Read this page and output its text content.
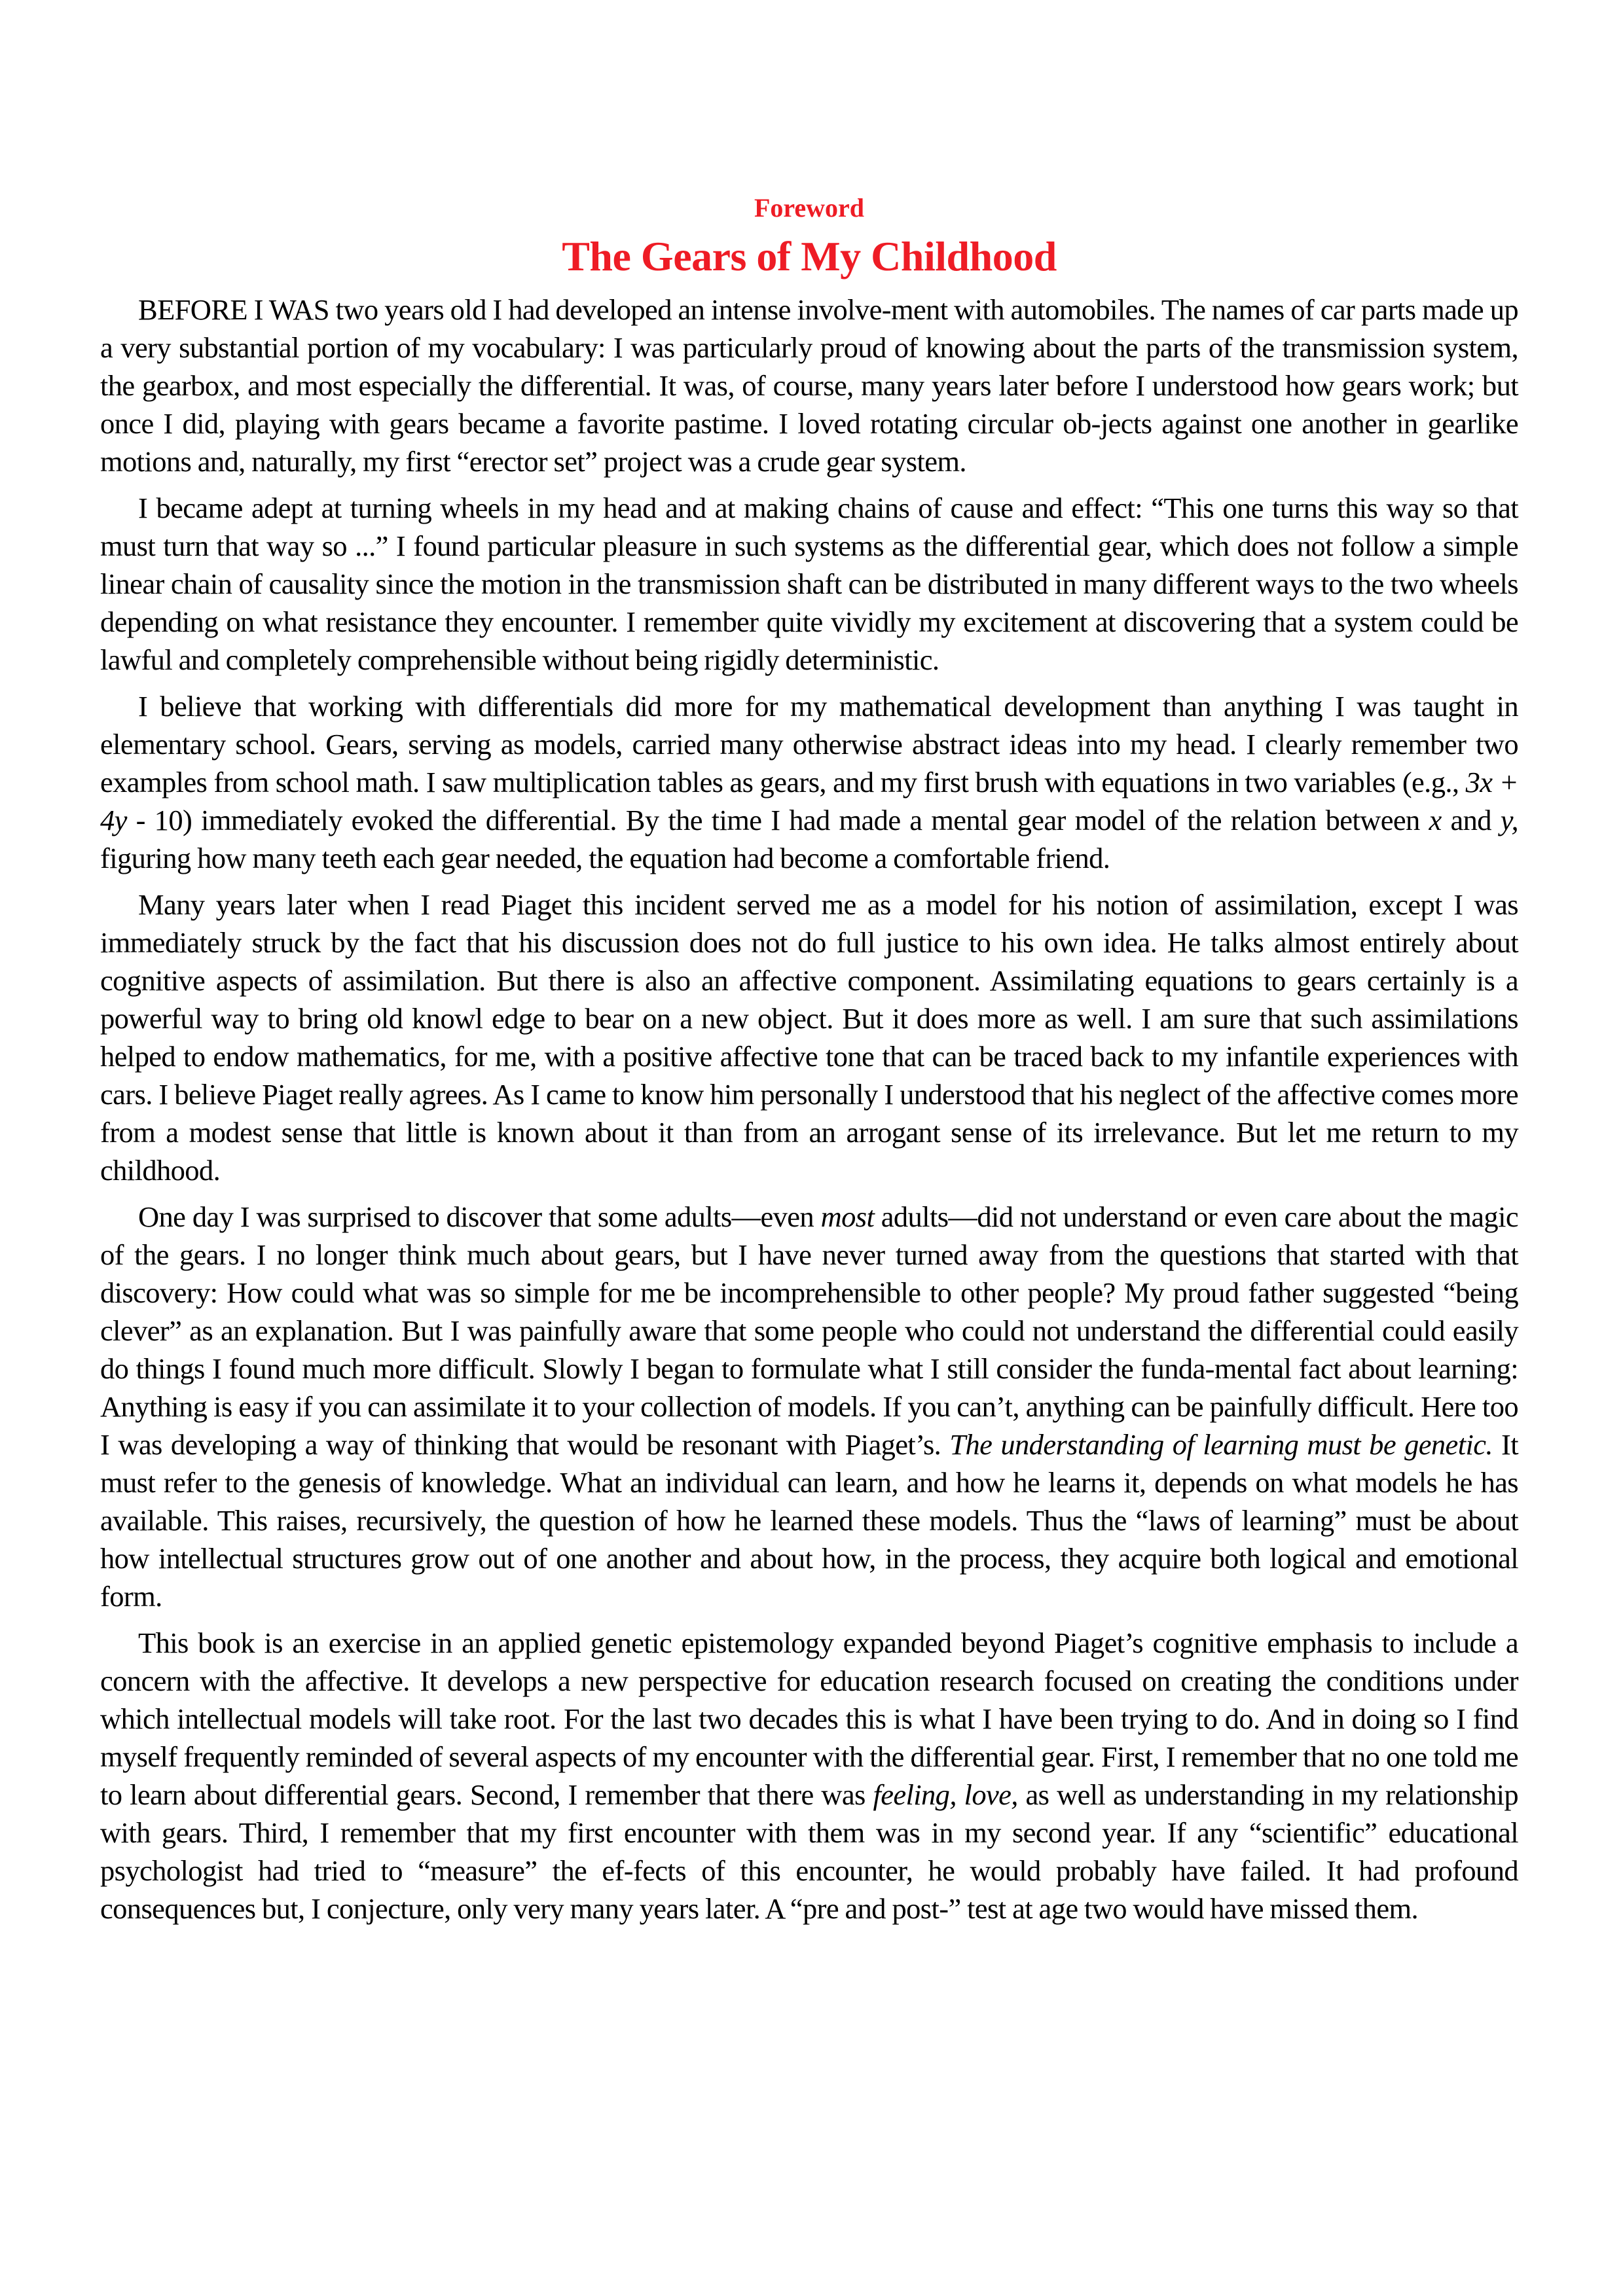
Foreword
The Gears of My Childhood

BEFORE I WAS two years old I had developed an intense involve-ment with automobiles. The names of car parts made up a very substantial portion of my vocabulary: I was particularly proud of knowing about the parts of the transmission system, the gearbox, and most especially the differential. It was, of course, many years later before I understood how gears work; but once I did, playing with gears became a favorite pastime. I loved rotating circular ob-jects against one another in gearlike motions and, naturally, my first “erector set” project was a crude gear system.

I became adept at turning wheels in my head and at making chains of cause and effect: “This one turns this way so that must turn that way so ...” I found particular pleasure in such systems as the differential gear, which does not follow a simple linear chain of causality since the motion in the transmission shaft can be distributed in many different ways to the two wheels depending on what resistance they encounter. I remember quite vividly my excitement at discovering that a system could be lawful and completely comprehensible without being rigidly deterministic.

I believe that working with differentials did more for my mathematical development than anything I was taught in elementary school. Gears, serving as models, carried many otherwise abstract ideas into my head. I clearly remember two examples from school math. I saw multiplication tables as gears, and my first brush with equations in two variables (e.g., 3x + 4y - 10) immediately evoked the differential. By the time I had made a mental gear model of the relation between x and y, figuring how many teeth each gear needed, the equation had become a comfortable friend.

Many years later when I read Piaget this incident served me as a model for his notion of assimilation, except I was immediately struck by the fact that his discussion does not do full justice to his own idea. He talks almost entirely about cognitive aspects of assimilation. But there is also an affective component. Assimilating equations to gears certainly is a powerful way to bring old knowl edge to bear on a new object. But it does more as well. I am sure that such assimilations helped to endow mathematics, for me, with a positive affective tone that can be traced back to my infantile experiences with cars. I believe Piaget really agrees. As I came to know him personally I understood that his neglect of the affective comes more from a modest sense that little is known about it than from an arrogant sense of its irrelevance. But let me return to my childhood.

One day I was surprised to discover that some adults—even most adults—did not understand or even care about the magic of the gears. I no longer think much about gears, but I have never turned away from the questions that started with that discovery: How could what was so simple for me be incomprehensible to other people? My proud father suggested “being clever” as an explanation. But I was painfully aware that some people who could not understand the differential could easily do things I found much more difficult. Slowly I began to formulate what I still consider the funda-mental fact about learning: Anything is easy if you can assimilate it to your collection of models. If you can’t, anything can be painfully difficult. Here too I was developing a way of thinking that would be resonant with Piaget’s. The understanding of learning must be genetic. It must refer to the genesis of knowledge. What an individual can learn, and how he learns it, depends on what models he has available. This raises, recursively, the question of how he learned these models. Thus the “laws of learning” must be about how intellectual structures grow out of one another and about how, in the process, they acquire both logical and emotional form.

This book is an exercise in an applied genetic epistemology expanded beyond Piaget’s cognitive emphasis to include a concern with the affective. It develops a new perspective for education research focused on creating the conditions under which intellectual models will take root. For the last two decades this is what I have been trying to do. And in doing so I find myself frequently reminded of several aspects of my encounter with the differential gear. First, I remember that no one told me to learn about differential gears. Second, I remember that there was feeling, love, as well as understanding in my relationship with gears. Third, I remember that my first encounter with them was in my second year. If any “scientific” educational psychologist had tried to “measure” the ef-fects of this encounter, he would probably have failed. It had profound consequences but, I conjecture, only very many years later. A “pre and post-” test at age two would have missed them.
